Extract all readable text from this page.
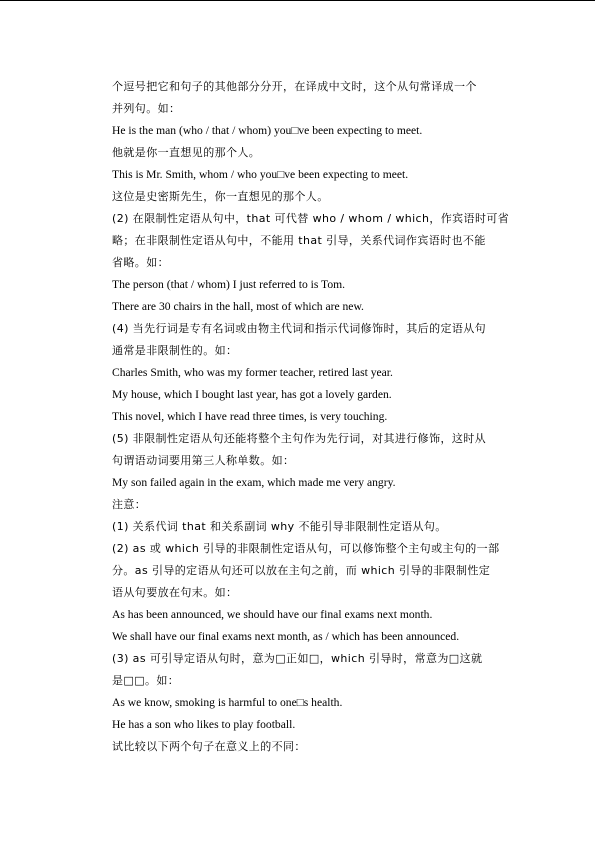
个逗号把它和句子的其他部分分开，在译成中文时，这个从句常译成一个
并列句。如：
He is the man (who / that / whom) you□ve been expecting to meet.
他就是你一直想见的那个人。
This is Mr. Smith, whom / who you□ve been expecting to meet.
这位是史密斯先生，你一直想见的那个人。
(2) 在限制性定语从句中，that 可代替 who / whom / which，作宾语时可省
略；在非限制性定语从句中，不能用 that 引导，关系代词作宾语时也不能
省略。如：
The person (that / whom) I just referred to is Tom.
There are 30 chairs in the hall, most of which are new.
(4) 当先行词是专有名词或由物主代词和指示代词修饰时，其后的定语从句
通常是非限制性的。如：
Charles Smith, who was my former teacher, retired last year.
My house, which I bought last year, has got a lovely garden.
This novel, which I have read three times, is very touching.
(5) 非限制性定语从句还能将整个主句作为先行词，对其进行修饰，这时从
句谓语动词要用第三人称单数。如：
My son failed again in the exam, which made me very angry.
注意：
(1) 关系代词 that 和关系副词 why 不能引导非限制性定语从句。
(2) as 或 which 引导的非限制性定语从句，可以修饰整个主句或主句的一部
分。as 引导的定语从句还可以放在主句之前，而 which 引导的非限制性定
语从句要放在句末。如：
As has been announced, we should have our final exams next month.
We shall have our final exams next month, as / which has been announced.
(3) as 可引导定语从句时，意为□正如□，which 引导时，常意为□这就
是□□。如：
As we know, smoking is harmful to one□s health.
He has a son who likes to play football.
试比较以下两个句子在意义上的不同：
